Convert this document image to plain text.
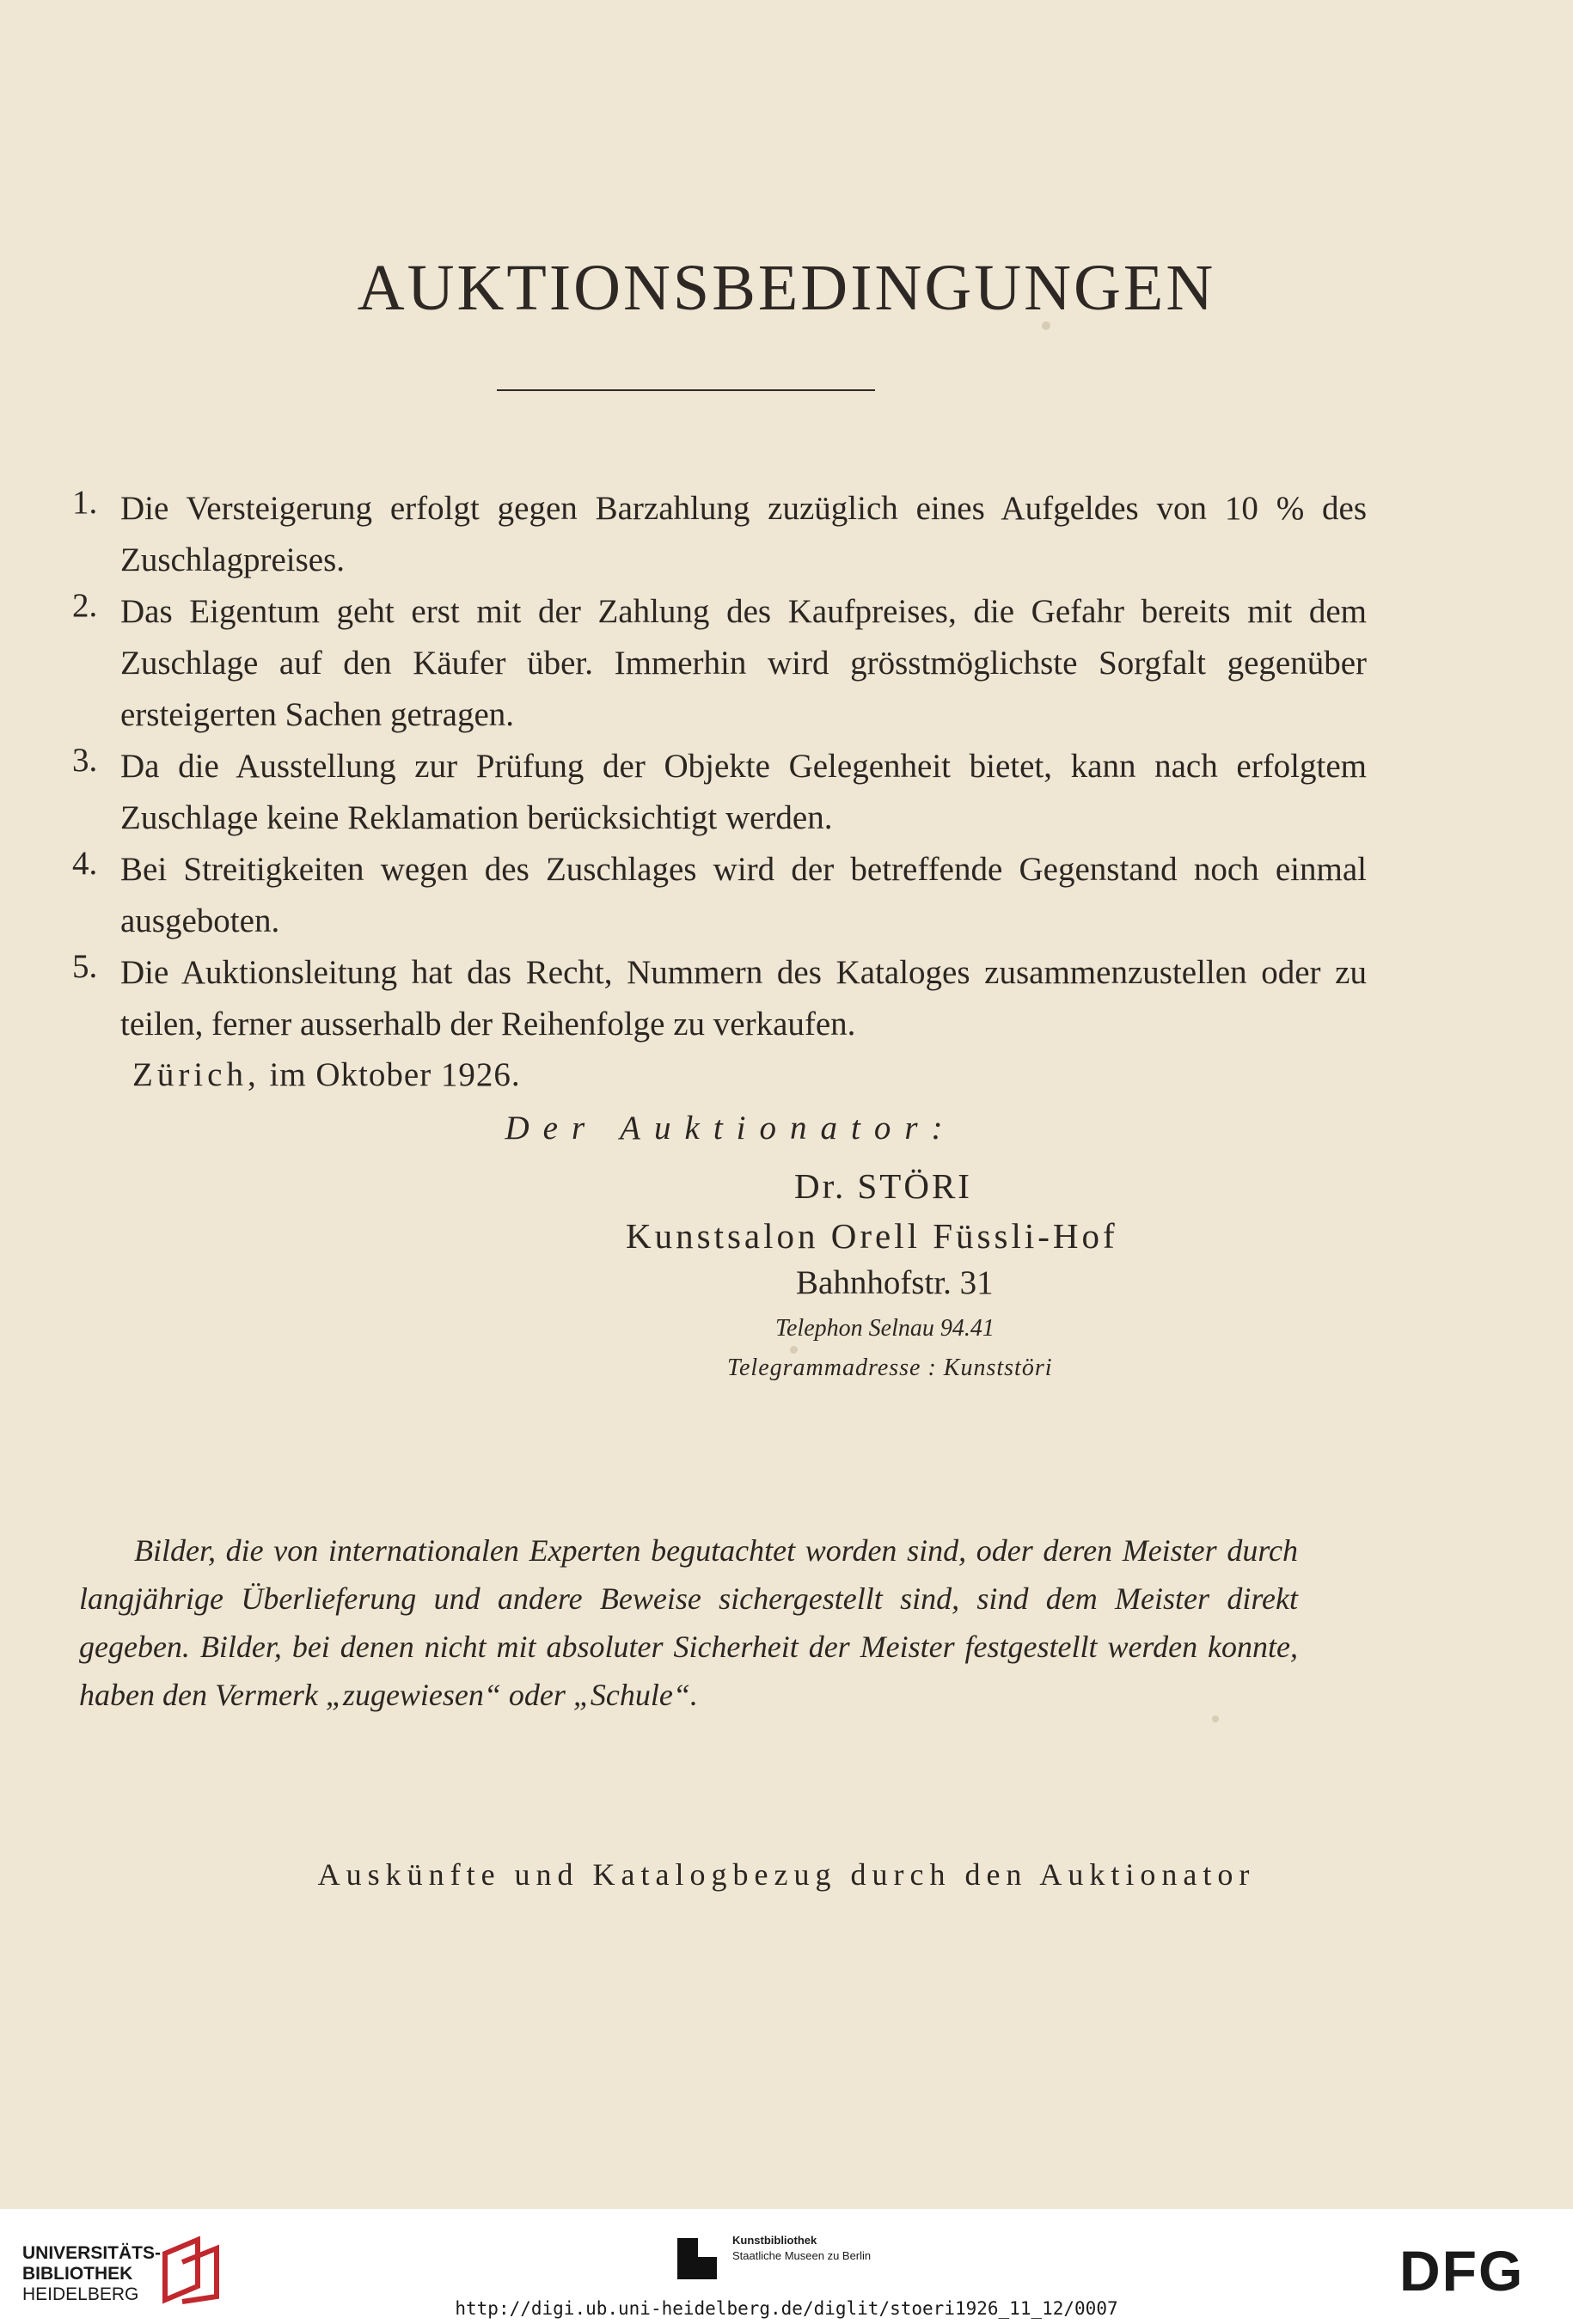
AUKTIONSBEDINGUNGEN
1. Die Versteigerung erfolgt gegen Barzahlung zuzüglich eines Aufgeldes von 10 % des Zuschlagpreises.
2. Das Eigentum geht erst mit der Zahlung des Kaufpreises, die Gefahr bereits mit dem Zuschlage auf den Käufer über. Immerhin wird grösstmöglichste Sorgfalt gegenüber ersteigerten Sachen getragen.
3. Da die Ausstellung zur Prüfung der Objekte Gelegenheit bietet, kann nach erfolgtem Zuschlage keine Reklamation berücksichtigt werden.
4. Bei Streitigkeiten wegen des Zuschlages wird der betreffende Gegenstand noch einmal ausgeboten.
5. Die Auktionsleitung hat das Recht, Nummern des Kataloges zusammenzustellen oder zu teilen, ferner ausserhalb der Reihenfolge zu verkaufen.
Zürich, im Oktober 1926.
Der Auktionator:
Dr. STÖRI
Kunstsalon Orell Füssli-Hof
Bahnhofstr. 31
Telephon Selnau 94.41
Telegrammadresse : Kunststöri

Bilder, die von internationalen Experten begutachtet worden sind, oder deren Meister durch langjährige Überlieferung und andere Beweise sichergestellt sind, sind dem Meister direkt gegeben. Bilder, bei denen nicht mit absoluter Sicherheit der Meister festgestellt werden konnte, haben den Vermerk „zugewiesen“ oder „Schule“.

Auskünfte und Katalogbezug durch den Auktionator
UNIVERSITÄTS-
BIBLIOTHEK
HEIDELBERG
Kunstbibliothek
Staatliche Museen zu Berlin	DFG
http://digi.ub.uni-heidelberg.de/diglit/stoeri1926_11_12/0007
